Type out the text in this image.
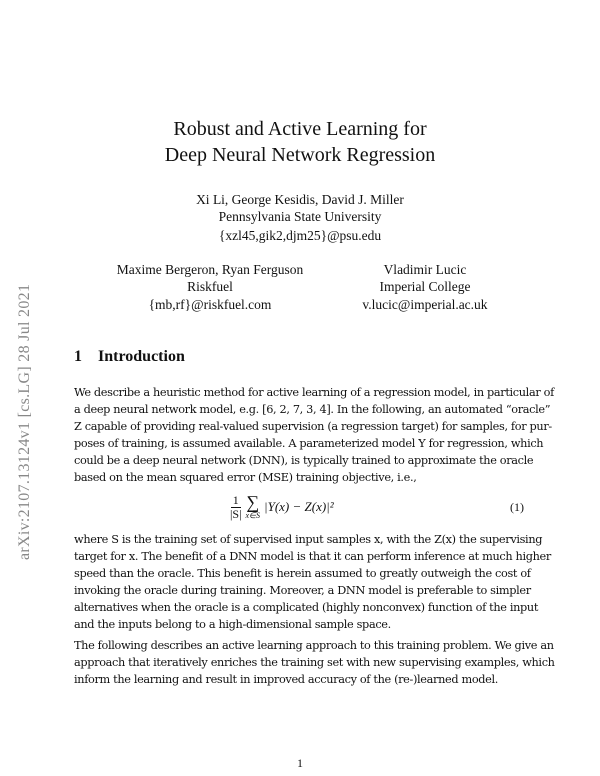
arXiv:2107.13124v1 [cs.LG] 28 Jul 2021
Robust and Active Learning for
Deep Neural Network Regression
Xi Li, George Kesidis, David J. Miller
Pennsylvania State University
{xzl45,gik2,djm25}@psu.edu
Maxime Bergeron, Ryan Ferguson
Riskfuel
{mb,rf}@riskfuel.com
Vladimir Lucic
Imperial College
v.lucic@imperial.ac.uk
1 Introduction
We describe a heuristic method for active learning of a regression model, in particular of
a deep neural network model, e.g. [6, 2, 7, 3, 4]. In the following, an automated “oracle”
Z capable of providing real-valued supervision (a regression target) for samples, for pur-
poses of training, is assumed available. A parameterized model Y for regression, which
could be a deep neural network (DNN), is typically trained to approximate the oracle
based on the mean squared error (MSE) training objective, i.e.,
$\frac{1}{|S|}$ ∑
x∈S
|Y(x) − Z(x)|²	(1)
where S is the training set of supervised input samples x, with the Z(x) the supervising
target for x. The benefit of a DNN model is that it can perform inference at much higher
speed than the oracle. This benefit is herein assumed to greatly outweigh the cost of
invoking the oracle during training. Moreover, a DNN model is preferable to simpler
alternatives when the oracle is a complicated (highly nonconvex) function of the input
and the inputs belong to a high-dimensional sample space.
The following describes an active learning approach to this training problem. We give an
approach that iteratively enriches the training set with new supervising examples, which
inform the learning and result in improved accuracy of the (re-)learned model.
1
